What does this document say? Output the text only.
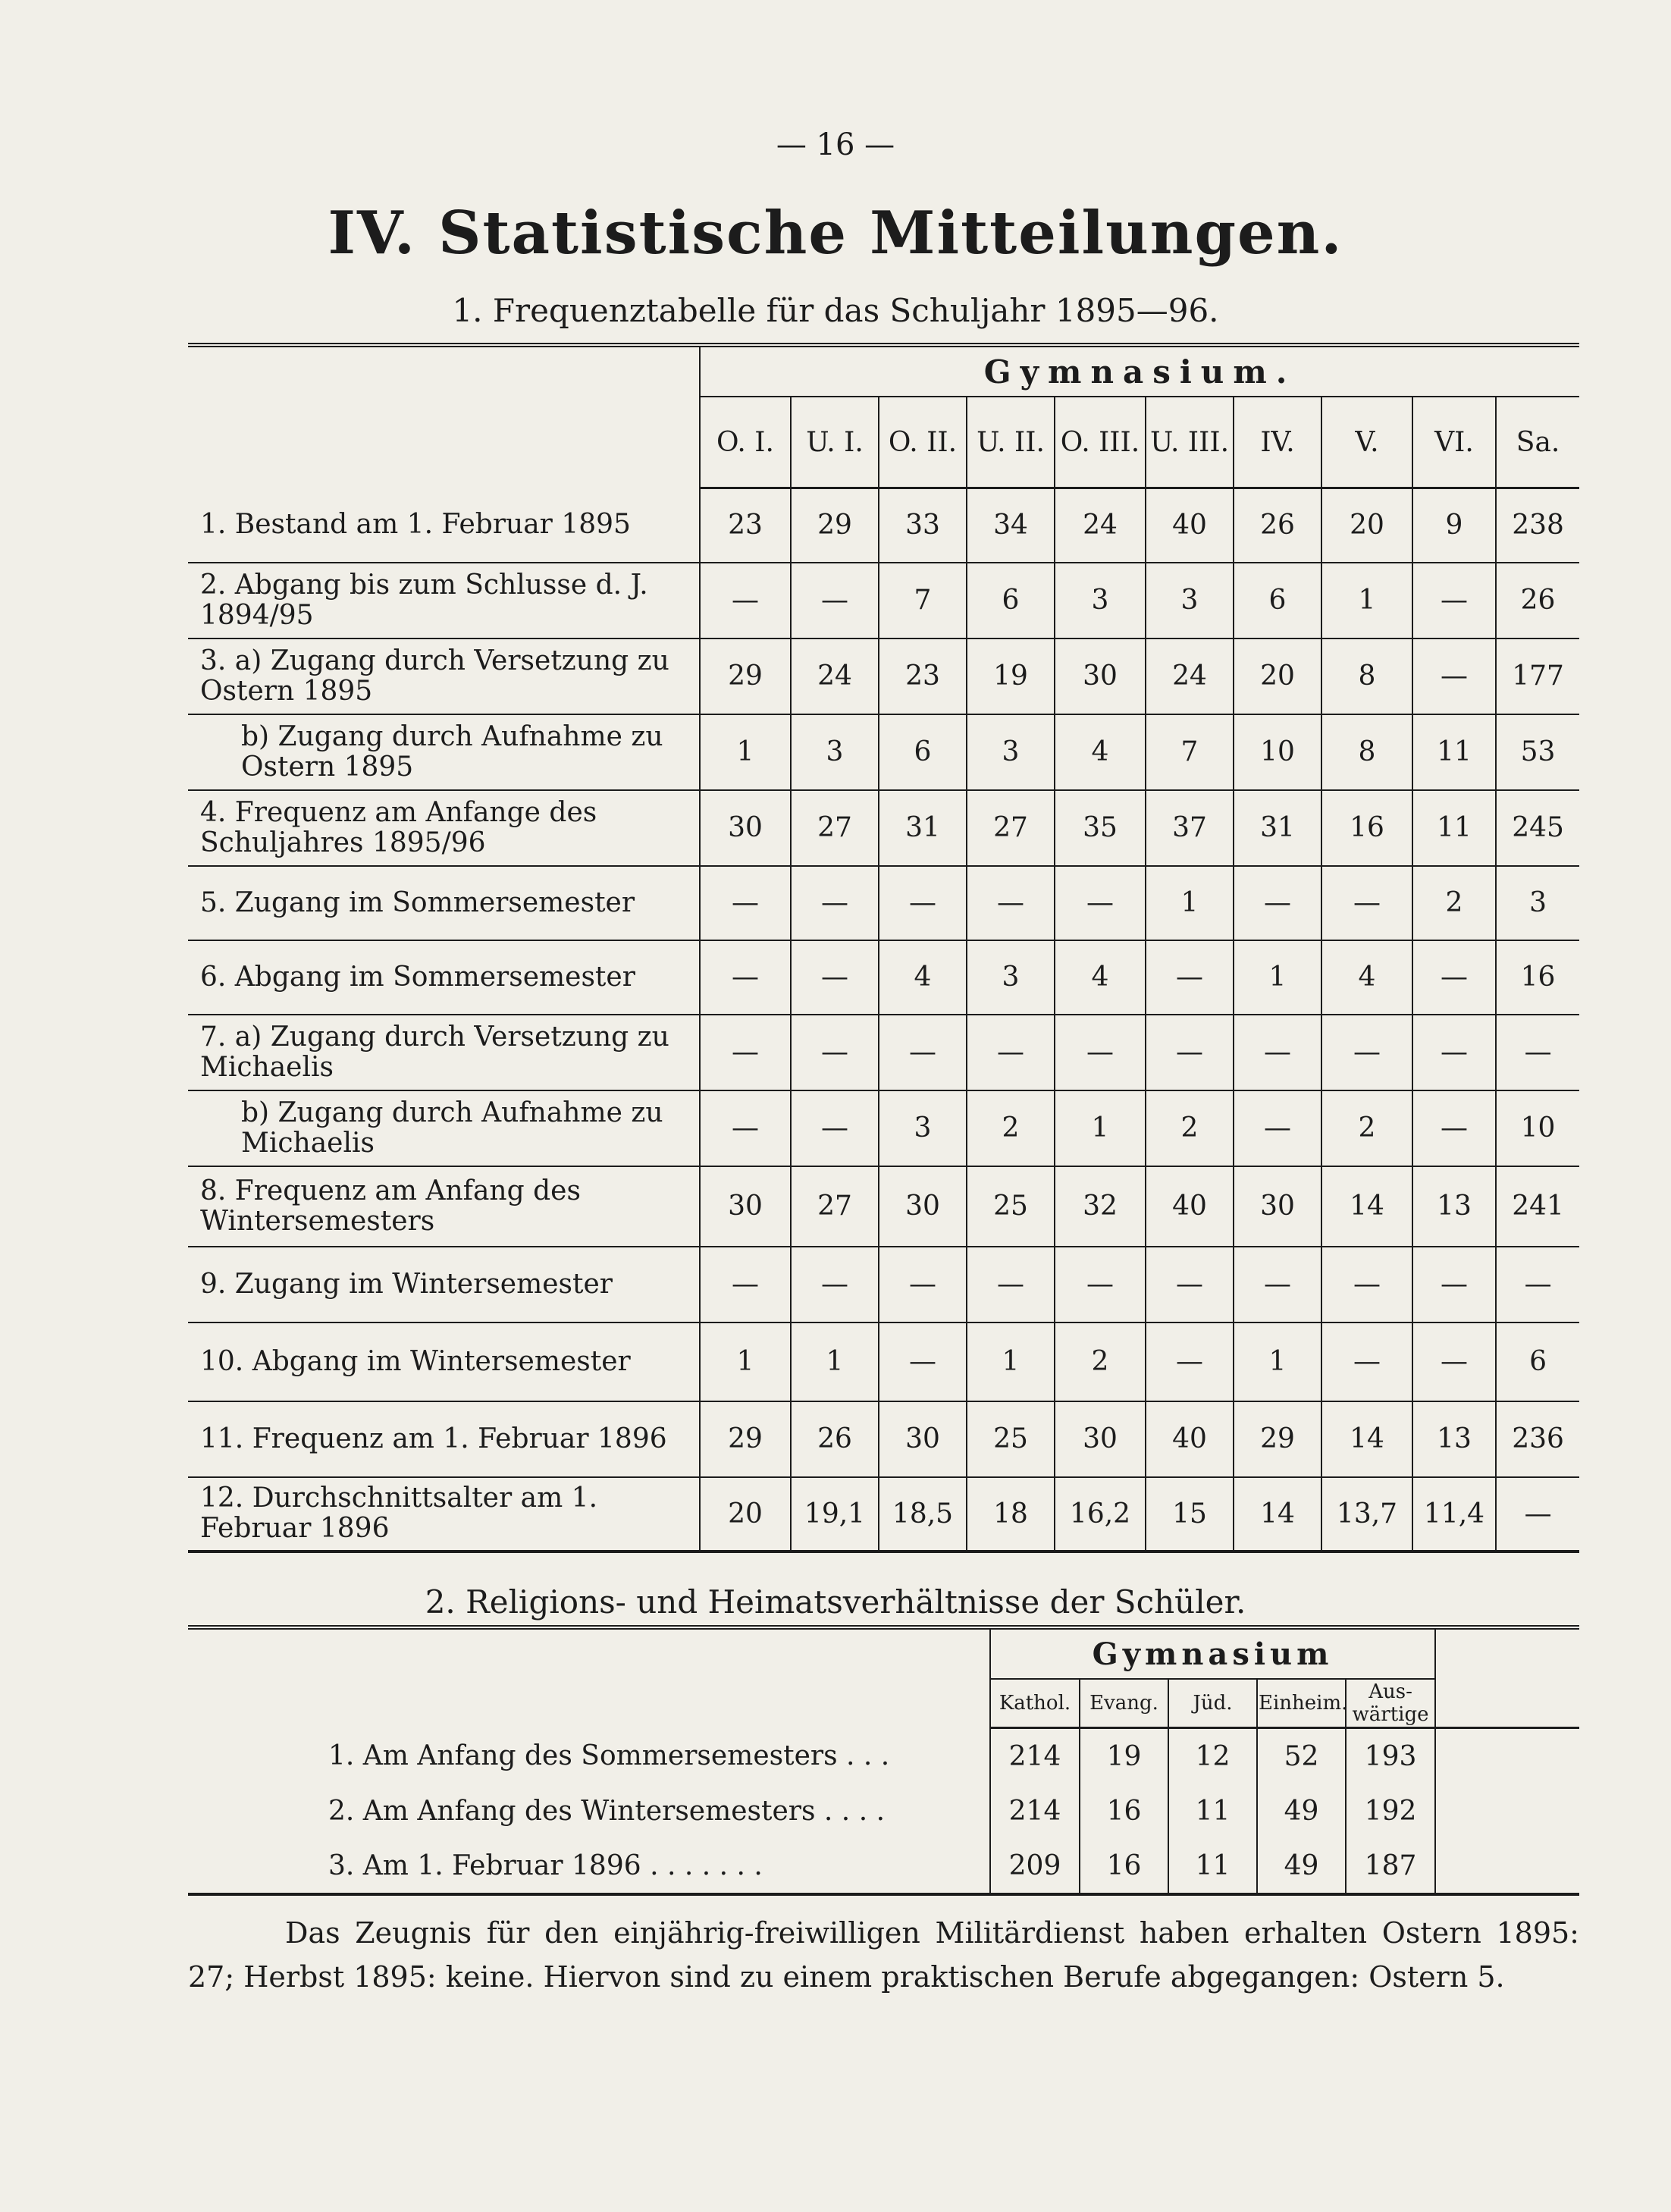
— 16 —
IV. Statistische Mitteilungen.
1. Frequenztabelle für das Schuljahr 1895—96.
	Gymnasium.									
	O. I.	U. I.	O. II.	U. II.	O. III.	U. III.	IV.	V.	VI.	Sa.
1. Bestand am 1. Februar 1895	23	29	33	34	24	40	26	20	9	238
2. Abgang bis zum Schlusse d. J. 1894/95	—	—	7	6	3	3	6	1	—	26
3. a) Zugang durch Versetzung zu Ostern 1895	29	24	23	19	30	24	20	8	—	177
b) Zugang durch Aufnahme zu Ostern 1895	1	3	6	3	4	7	10	8	11	53
4. Frequenz am Anfange des Schuljahres 1895/96	30	27	31	27	35	37	31	16	11	245
5. Zugang im Sommersemester	—	—	—	—	—	1	—	—	2	3
6. Abgang im Sommersemester	—	—	4	3	4	—	1	4	—	16
7. a) Zugang durch Versetzung zu Michaelis	—	—	—	—	—	—	—	—	—	—
b) Zugang durch Aufnahme zu Michaelis	—	—	3	2	1	2	—	2	—	10
8. Frequenz am Anfang des Wintersemesters	30	27	30	25	32	40	30	14	13	241
9. Zugang im Wintersemester	—	—	—	—	—	—	—	—	—	—
10. Abgang im Wintersemester	1	1	—	1	2	—	1	—	—	6
11. Frequenz am 1. Februar 1896	29	26	30	25	30	40	29	14	13	236
12. Durchschnittsalter am 1. Februar 1896	20	19,1	18,5	18	16,2	15	14	13,7	11,4	—
2. Religions- und Heimatsverhältnisse der Schüler.
	Gymnasium					
	Kathol.	Evang.	Jüd.	Einheim.	Aus-wärtige	
1. Am Anfang des Sommersemesters . . .	214	19	12	52	193	
2. Am Anfang des Wintersemesters . . . .	214	16	11	49	192	
3. Am 1. Februar 1896 . . . . . . .	209	16	11	49	187	
Das Zeugnis für den einjährig-freiwilligen Militärdienst haben erhalten Ostern 1895: 27; Herbst 1895: keine. Hiervon sind zu einem praktischen Berufe abgegangen: Ostern 5.
